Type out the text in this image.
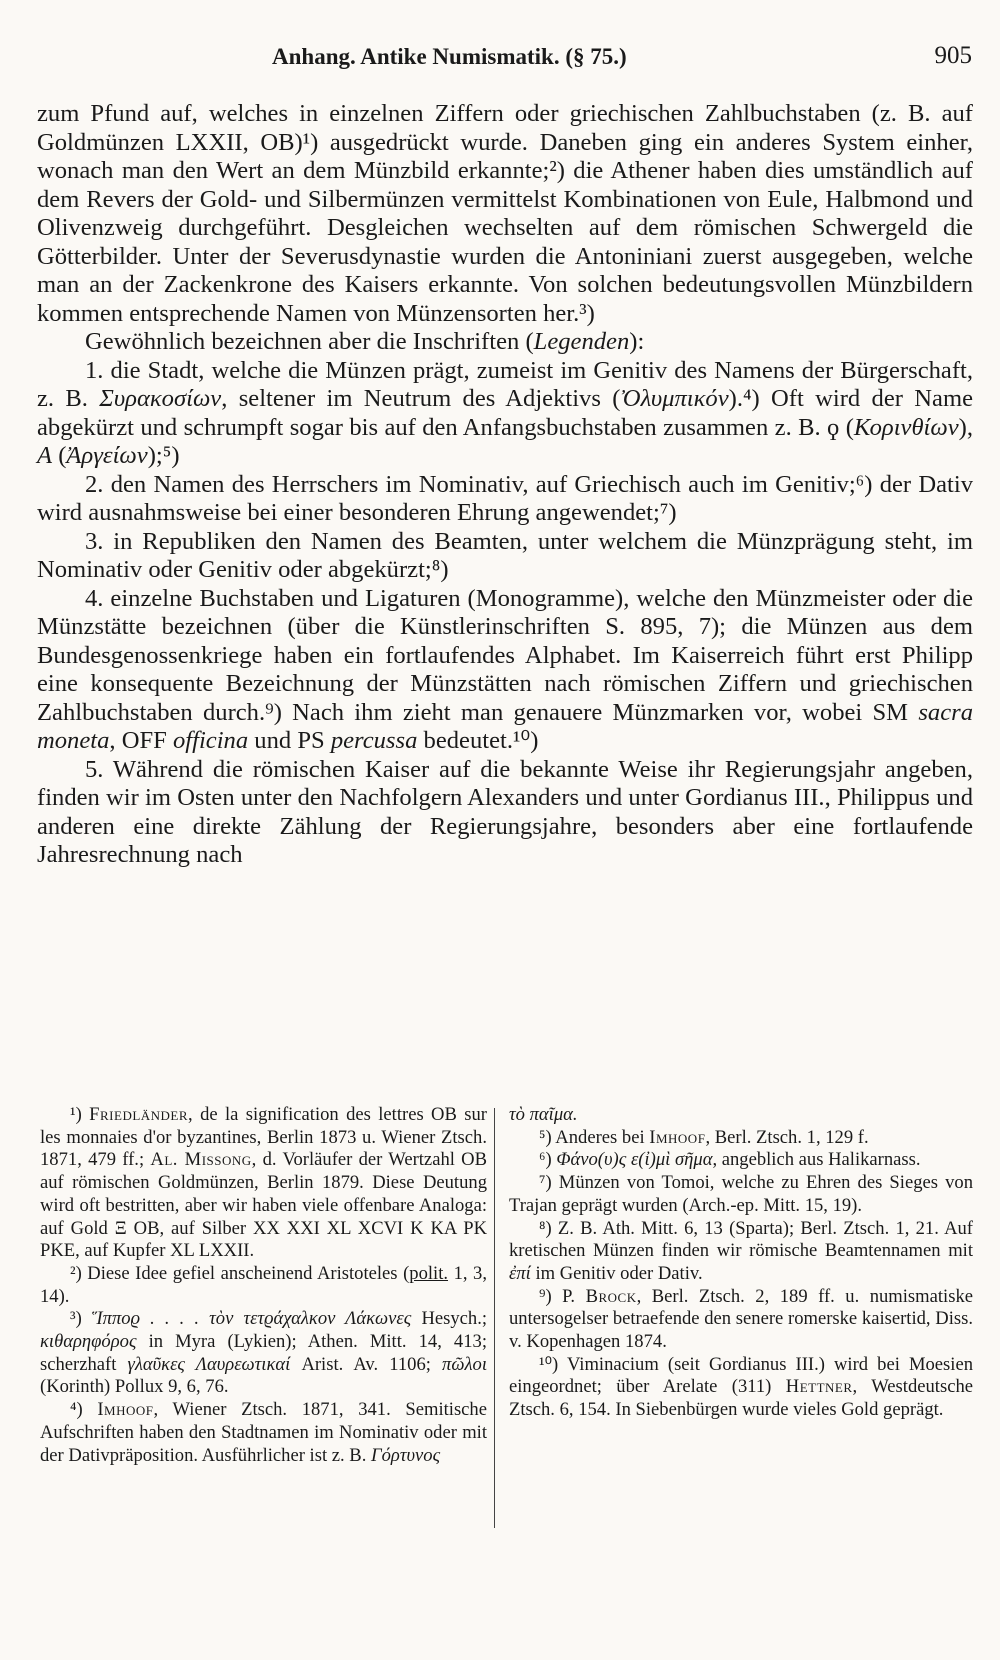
Anhang. Antike Numismatik. (§ 75.)	905

zum Pfund auf, welches in einzelnen Ziffern oder griechischen Zahlbuchstaben (z. B. auf Goldmünzen LXXII, OB)¹) ausgedrückt wurde. Daneben ging ein anderes System einher, wonach man den Wert an dem Münzbild erkannte;²) die Athener haben dies umständlich auf dem Revers der Gold- und Silbermünzen vermittelst Kombinationen von Eule, Halbmond und Olivenzweig durchgeführt. Desgleichen wechselten auf dem römischen Schwergeld die Götterbilder. Unter der Severusdynastie wurden die Antoniniani zuerst ausgegeben, welche man an der Zackenkrone des Kaisers erkannte. Von solchen bedeutungsvollen Münzbildern kommen entsprechende Namen von Münzensorten her.³)

Gewöhnlich bezeichnen aber die Inschriften (Legenden):

1. die Stadt, welche die Münzen prägt, zumeist im Genitiv des Namens der Bürgerschaft, z. B. Συρακοσίων, seltener im Neutrum des Adjektivs (Ὀλυμπικόν).⁴) Oft wird der Name abgekürzt und schrumpft sogar bis auf den Anfangsbuchstaben zusammen z. B. ϙ (Κορινθίων), Α (Ἀργείων);⁵)

2. den Namen des Herrschers im Nominativ, auf Griechisch auch im Genitiv;⁶) der Dativ wird ausnahmsweise bei einer besonderen Ehrung angewendet;⁷)

3. in Republiken den Namen des Beamten, unter welchem die Münzprägung steht, im Nominativ oder Genitiv oder abgekürzt;⁸)

4. einzelne Buchstaben und Ligaturen (Monogramme), welche den Münzmeister oder die Münzstätte bezeichnen (über die Künstlerinschriften S. 895, 7); die Münzen aus dem Bundesgenossenkriege haben ein fortlaufendes Alphabet. Im Kaiserreich führt erst Philipp eine konsequente Bezeichnung der Münzstätten nach römischen Ziffern und griechischen Zahlbuchstaben durch.⁹) Nach ihm zieht man genauere Münzmarken vor, wobei SM sacra moneta, OFF officina und PS percussa bedeutet.¹⁰)

5. Während die römischen Kaiser auf die bekannte Weise ihr Regierungsjahr angeben, finden wir im Osten unter den Nachfolgern Alexanders und unter Gordianus III., Philippus und anderen eine direkte Zählung der Regierungsjahre, besonders aber eine fortlaufende Jahresrechnung nach

¹) Friedländer, de la signification des lettres OB sur les monnaies d'or byzantines, Berlin 1873 u. Wiener Ztsch. 1871, 479 ff.; Al. Missong, d. Vorläufer der Wertzahl OB auf römischen Goldmünzen, Berlin 1879. Diese Deutung wird oft bestritten, aber wir haben viele offenbare Analoga: auf Gold Ξ OB, auf Silber XX XXI XL XCVI K KA PK PKE, auf Kupfer XL LXXII.

²) Diese Idee gefiel anscheinend Aristoteles (polit. 1, 3, 14).

³) Ἵπποϱ . . . . τὸν τετϱάχαλκον Λάκωνες Hesych.; κιθαρηφόρος in Myra (Lykien); Athen. Mitt. 14, 413; scherzhaft γλαῦκες Λαυρεωτικαί Arist. Av. 1106; πῶλοι (Korinth) Pollux 9, 6, 76.

⁴) Imhoof, Wiener Ztsch. 1871, 341. Semitische Aufschriften haben den Stadtnamen im Nominativ oder mit der Dativpräposition. Ausführlicher ist z. B. Γόρτυνος

τὸ παῖμα.

⁵) Anderes bei Imhoof, Berl. Ztsch. 1, 129 f.

⁶) Φάνο(υ)ς ε(ἰ)μὶ σῆμα, angeblich aus Halikarnass.

⁷) Münzen von Tomoi, welche zu Ehren des Sieges von Trajan geprägt wurden (Arch.-ep. Mitt. 15, 19).

⁸) Z. B. Ath. Mitt. 6, 13 (Sparta); Berl. Ztsch. 1, 21. Auf kretischen Münzen finden wir römische Beamtennamen mit ἐπί im Genitiv oder Dativ.

⁹) P. Brock, Berl. Ztsch. 2, 189 ff. u. numismatiske untersogelser betraefende den senere romerske kaisertid, Diss. v. Kopenhagen 1874.

¹⁰) Viminacium (seit Gordianus III.) wird bei Moesien eingeordnet; über Arelate (311) Hettner, Westdeutsche Ztsch. 6, 154. In Siebenbürgen wurde vieles Gold geprägt.
